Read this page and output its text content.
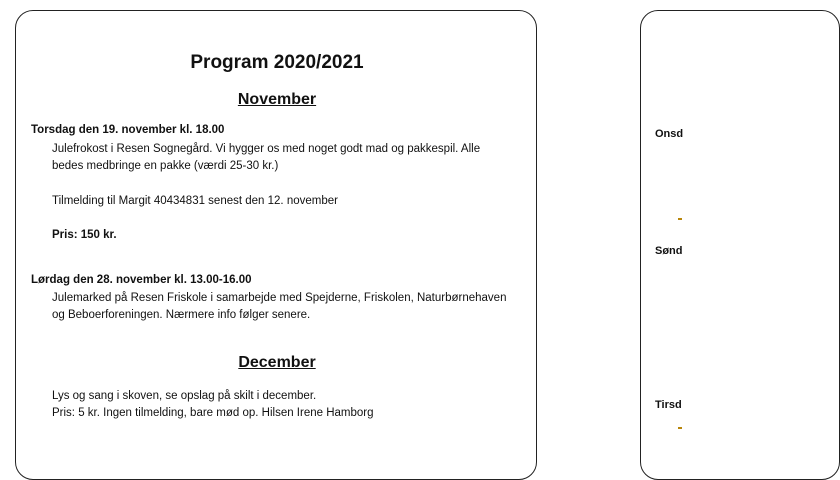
Program 2020/2021
November
Torsdag den 19. november kl. 18.00
Julefrokost i Resen Sognegård. Vi hygger os med noget godt mad og pakkespil. Alle
bedes medbringe en pakke (værdi 25-30 kr.)
Tilmelding til Margit 40434831 senest den 12. november
Pris: 150 kr.
Lørdag den 28. november kl. 13.00-16.00
Julemarked på Resen Friskole i samarbejde med Spejderne, Friskolen, Naturbørnehaven
og Beboerforeningen. Nærmere info følger senere.
December
Lys og sang i skoven, se opslag på skilt i december.
Pris: 5 kr. Ingen tilmelding, bare mød op. Hilsen Irene Hamborg
Onsd
Sønd
Tirsd
